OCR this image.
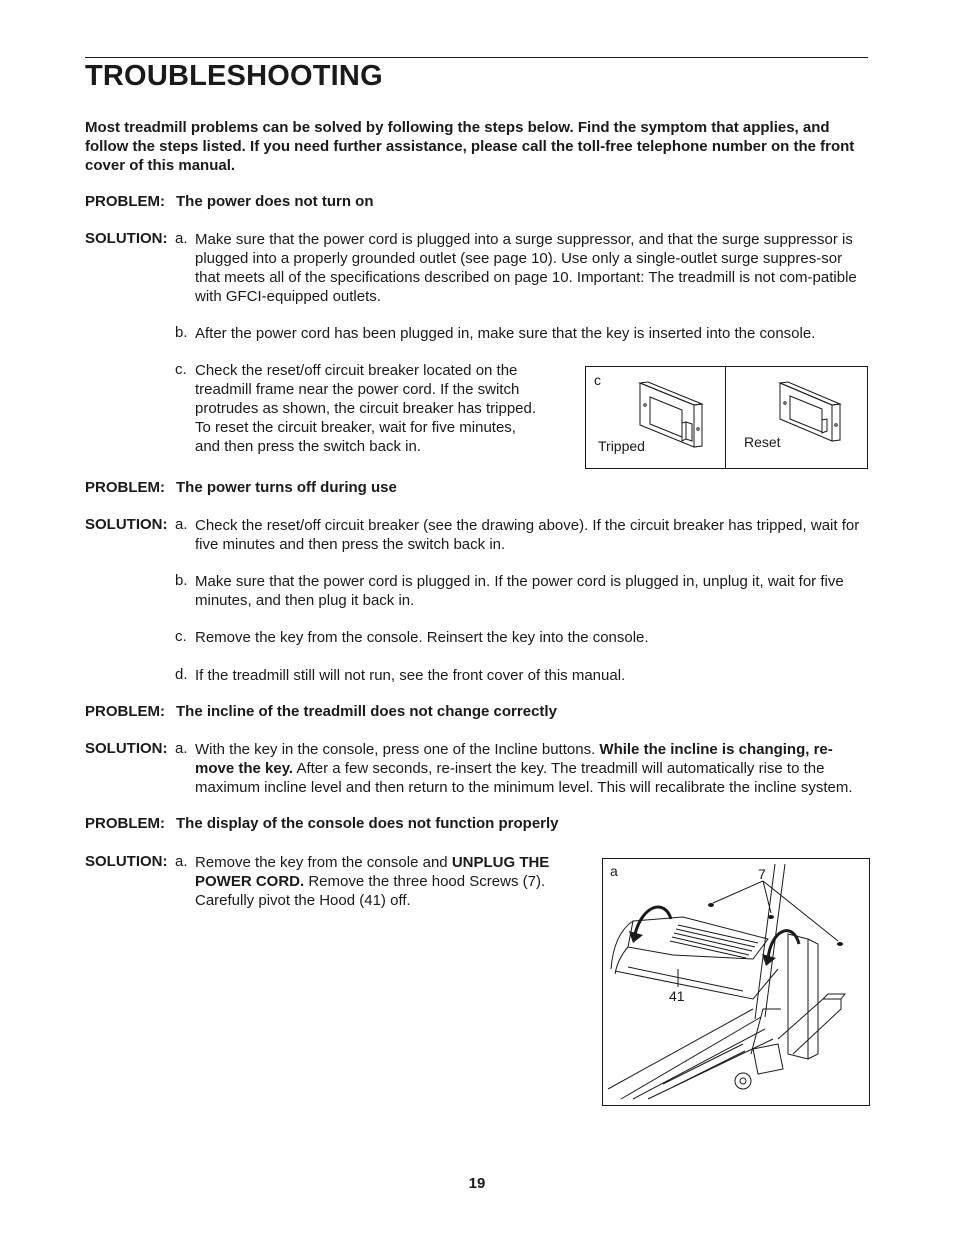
TROUBLESHOOTING
Most treadmill problems can be solved by following the steps below. Find the symptom that applies, and follow the steps listed. If you need further assistance, please call the toll-free telephone number on the front cover of this manual.
PROBLEM: The power does not turn on
SOLUTION: a. Make sure that the power cord is plugged into a surge suppressor, and that the surge suppressor is plugged into a properly grounded outlet (see page 10). Use only a single-outlet surge suppres-sor that meets all of the specifications described on page 10. Important: The treadmill is not com-patible with GFCI-equipped outlets.
b. After the power cord has been plugged in, make sure that the key is inserted into the console.
c. Check the reset/off circuit breaker located on the treadmill frame near the power cord. If the switch protrudes as shown, the circuit breaker has tripped. To reset the circuit breaker, wait for five minutes, and then press the switch back in.
c
Tripped	Reset
PROBLEM: The power turns off during use
SOLUTION: a. Check the reset/off circuit breaker (see the drawing above). If the circuit breaker has tripped, wait for five minutes and then press the switch back in.
b. Make sure that the power cord is plugged in. If the power cord is plugged in, unplug it, wait for five minutes, and then plug it back in.
c. Remove the key from the console. Reinsert the key into the console.
d. If the treadmill still will not run, see the front cover of this manual.
PROBLEM: The incline of the treadmill does not change correctly
SOLUTION: a. With the key in the console, press one of the Incline buttons. While the incline is changing, re-move the key. After a few seconds, re-insert the key. The treadmill will automatically rise to the maximum incline level and then return to the minimum level. This will recalibrate the incline system.
PROBLEM: The display of the console does not function properly
SOLUTION: a. Remove the key from the console and UNPLUG THE POWER CORD. Remove the three hood Screws (7). Carefully pivot the Hood (41) off.
a	7
41
19
